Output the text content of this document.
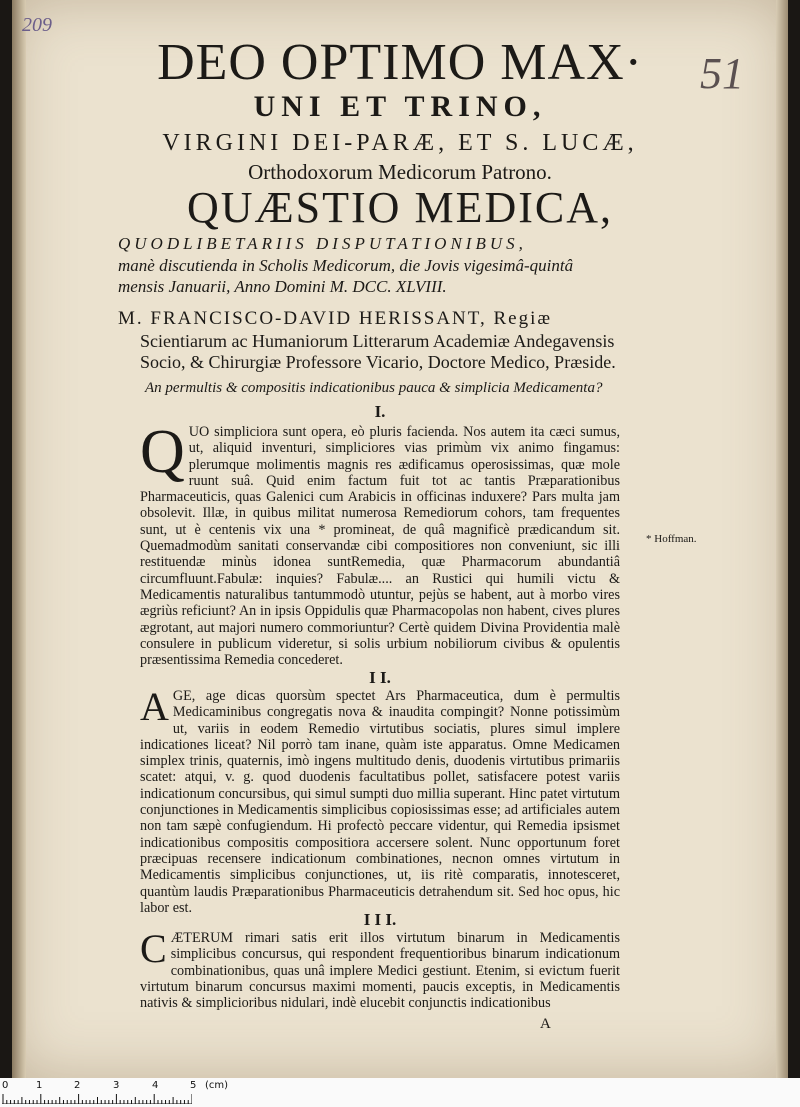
209
51
DEO OPTIMO MAX·
UNI ET TRINO,
VIRGINI DEI-PARÆ, ET S. LUCÆ,
Orthodoxorum Medicorum Patrono.
QUÆSTIO MEDICA,
QUODLIBETARIIS DISPUTATIONIBUS,
manè discutienda in Scholis Medicorum, die Jovis vigesimâ-quintâ
mensis Januarii, Anno Domini M. DCC. XLVIII.
M. FRANCISCO-DAVID HERISSANT, Regiæ
Scientiarum ac Humaniorum Litterarum Academiæ Andegavensis
Socio, & Chirurgiæ Professore Vicario, Doctore Medico, Præside.
An permultis & compositis indicationibus pauca & simplicia Medicamenta?
I.
QUO simpliciora sunt opera, eò pluris facienda. Nos autem ita cæci sumus, ut, aliquid inventuri, simpliciores vias primùm vix animo fingamus: plerumque molimentis magnis res ædificamus operosissimas, quæ mole ruunt suâ. Quid enim factum fuit tot ac tantis Præparationibus Pharmaceuticis, quas Galenici cum Arabicis in officinas induxere? Pars multa jam obsolevit. Illæ, in quibus militat numerosa Remediorum cohors, tam frequentes sunt, ut è centenis vix una * promineat, de quâ magnificè prædicandum sit. Quemadmodùm sanitati conservandæ cibi compositiores non conveniunt, sic illi restituendæ minùs idonea suntRemedia, quæ Pharmacorum abundantiâ circumfluunt.Fabulæ: inquies? Fabulæ.... an Rustici qui humili victu & Medicamentis naturalibus tantummodò utuntur, pejùs se habent, aut à morbo vires ægriùs reficiunt? An in ipsis Oppidulis quæ Pharmacopolas non habent, cives plures ægrotant, aut majori numero commoriuntur? Certè quidem Divina Providentia malè consulere in publicum videretur, si solis urbium nobiliorum civibus & opulentis præsentissima Remedia concederet.
* Hoffman.
I I.
AGE, age dicas quorsùm spectet Ars Pharmaceutica, dum è permultis Medicaminibus congregatis nova & inaudita compingit? Nonne potissimùm ut, variis in eodem Remedio virtutibus sociatis, plures simul implere indicationes liceat? Nil porrò tam inane, quàm iste apparatus. Omne Medicamen simplex trinis, quaternis, imò ingens multitudo denis, duodenis virtutibus primariis scatet: atqui, v. g. quod duodenis facultatibus pollet, satisfacere potest variis indicationum concursibus, qui simul sumpti duo millia superant. Hinc patet virtutum conjunctiones in Medicamentis simplicibus copiosissimas esse; ad artificiales autem non tam sæpè confugiendum. Hi profectò peccare videntur, qui Remedia ipsismet indicationibus compositis compositiora accersere solent. Nunc opportunum foret præcipuas recensere indicationum combinationes, necnon omnes virtutum in Medicamentis simplicibus conjunctiones, ut, iis ritè comparatis, innotesceret, quantùm laudis Præparationibus Pharmaceuticis detrahendum sit. Sed hoc opus, hic labor est.
I I I.
CÆTERUM rimari satis erit illos virtutum binarum in Medicamentis simplicibus concursus, qui respondent frequentioribus binarum indicationum combinationibus, quas unâ implere Medici gestiunt. Etenim, si evictum fuerit virtutum binarum concursus maximi momenti, paucis exceptis, in Medicamentis nativis & simplicioribus nidulari, indè elucebit conjunctis indicationibus
A
0	1	2	3	4	5 (cm)
